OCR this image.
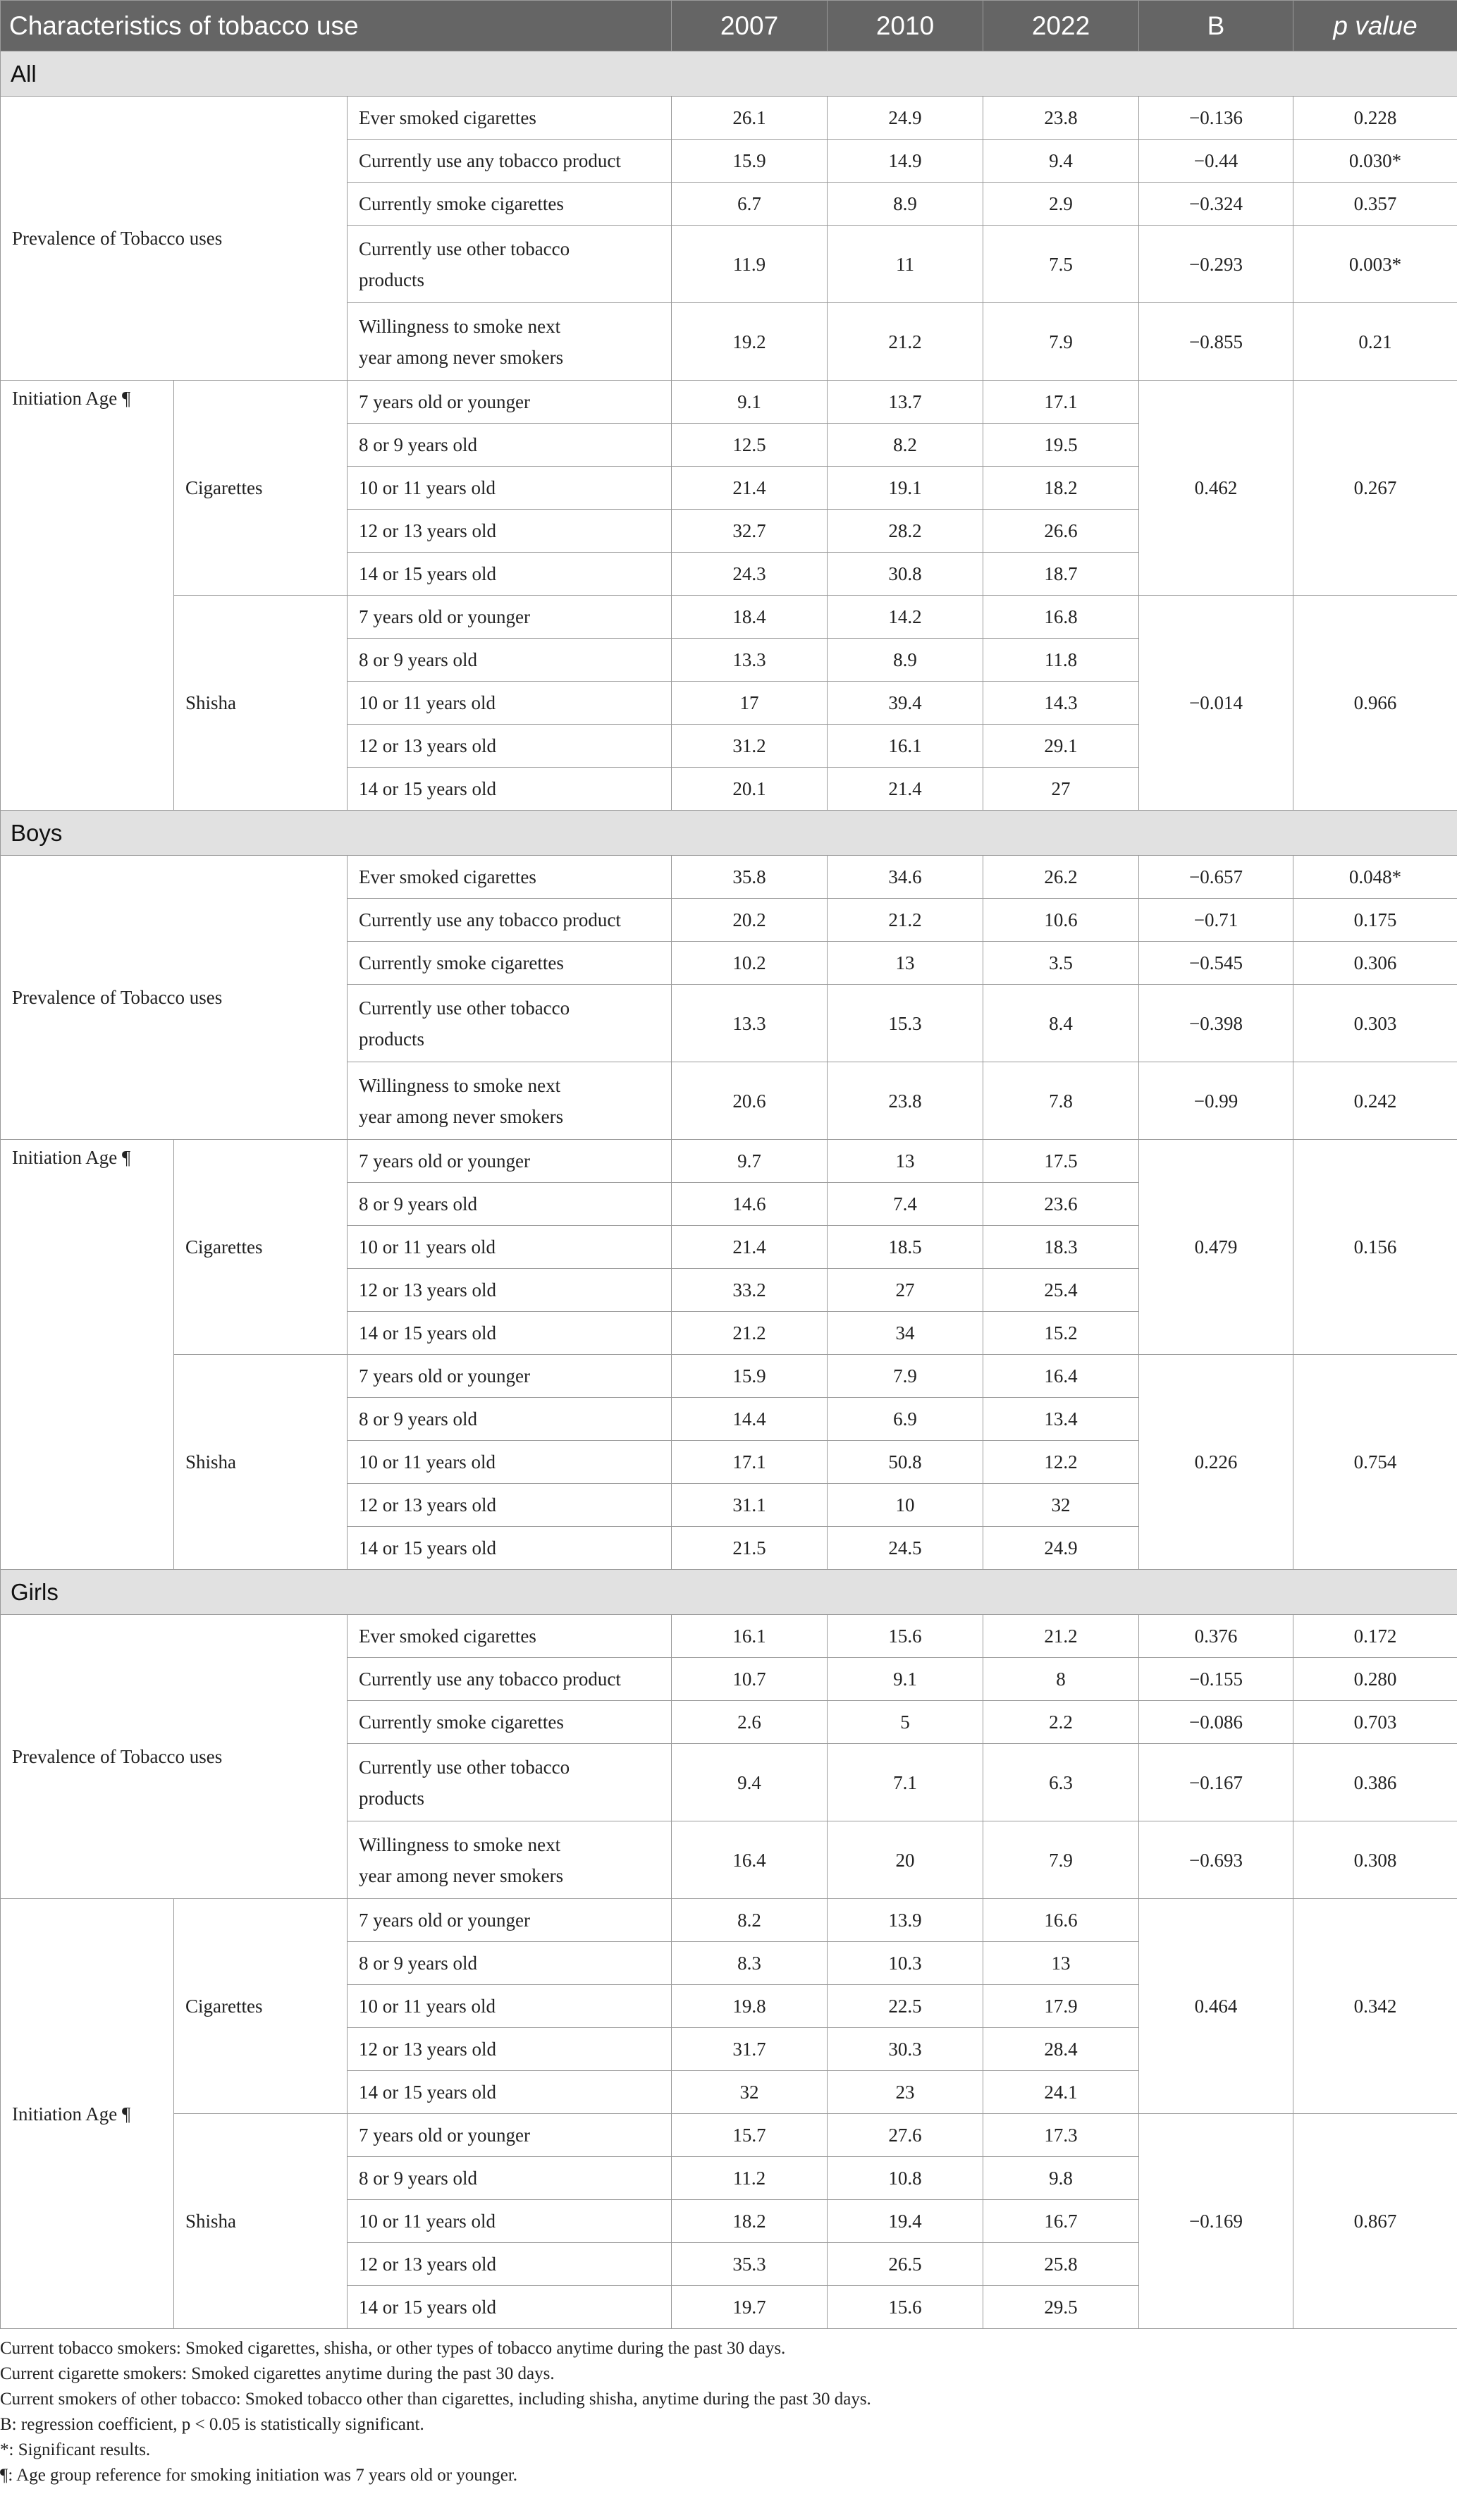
Characteristics of tobacco use			2007	2010	2022	B	p value
All							
Prevalence of Tobacco uses		Ever smoked cigarettes	26.1	24.9	23.8	−0.136	0.228
		Currently use any tobacco product	15.9	14.9	9.4	−0.44	0.030*
		Currently smoke cigarettes	6.7	8.9	2.9	−0.324	0.357
		Currently use other tobacco products	11.9	11	7.5	−0.293	0.003*
		Willingness to smoke next year among never smokers	19.2	21.2	7.9	−0.855	0.21
Initiation Age ¶	Cigarettes	7 years old or younger	9.1	13.7	17.1	0.462	0.267
		8 or 9 years old	12.5	8.2	19.5		
		10 or 11 years old	21.4	19.1	18.2		
		12 or 13 years old	32.7	28.2	26.6		
		14 or 15 years old	24.3	30.8	18.7		
	Shisha	7 years old or younger	18.4	14.2	16.8	−0.014	0.966
		8 or 9 years old	13.3	8.9	11.8		
		10 or 11 years old	17	39.4	14.3		
		12 or 13 years old	31.2	16.1	29.1		
		14 or 15 years old	20.1	21.4	27		
Boys							
Prevalence of Tobacco uses		Ever smoked cigarettes	35.8	34.6	26.2	−0.657	0.048*
		Currently use any tobacco product	20.2	21.2	10.6	−0.71	0.175
		Currently smoke cigarettes	10.2	13	3.5	−0.545	0.306
		Currently use other tobacco products	13.3	15.3	8.4	−0.398	0.303
		Willingness to smoke next year among never smokers	20.6	23.8	7.8	−0.99	0.242
Initiation Age ¶	Cigarettes	7 years old or younger	9.7	13	17.5	0.479	0.156
		8 or 9 years old	14.6	7.4	23.6		
		10 or 11 years old	21.4	18.5	18.3		
		12 or 13 years old	33.2	27	25.4		
		14 or 15 years old	21.2	34	15.2		
	Shisha	7 years old or younger	15.9	7.9	16.4	0.226	0.754
		8 or 9 years old	14.4	6.9	13.4		
		10 or 11 years old	17.1	50.8	12.2		
		12 or 13 years old	31.1	10	32		
		14 or 15 years old	21.5	24.5	24.9		
Girls							
Prevalence of Tobacco uses		Ever smoked cigarettes	16.1	15.6	21.2	0.376	0.172
		Currently use any tobacco product	10.7	9.1	8	−0.155	0.280
		Currently smoke cigarettes	2.6	5	2.2	−0.086	0.703
		Currently use other tobacco products	9.4	7.1	6.3	−0.167	0.386
		Willingness to smoke next year among never smokers	16.4	20	7.9	−0.693	0.308
Initiation Age ¶	Cigarettes	7 years old or younger	8.2	13.9	16.6	0.464	0.342
		8 or 9 years old	8.3	10.3	13		
		10 or 11 years old	19.8	22.5	17.9		
		12 or 13 years old	31.7	30.3	28.4		
		14 or 15 years old	32	23	24.1		
	Shisha	7 years old or younger	15.7	27.6	17.3	−0.169	0.867
		8 or 9 years old	11.2	10.8	9.8		
		10 or 11 years old	18.2	19.4	16.7		
		12 or 13 years old	35.3	26.5	25.8		
		14 or 15 years old	19.7	15.6	29.5		
Current tobacco smokers: Smoked cigarettes, shisha, or other types of tobacco anytime during the past 30 days.
Current cigarette smokers: Smoked cigarettes anytime during the past 30 days.
Current smokers of other tobacco: Smoked tobacco other than cigarettes, including shisha, anytime during the past 30 days.
B: regression coefficient, p < 0.05 is statistically significant.
*: Significant results.
¶: Age group reference for smoking initiation was 7 years old or younger.
